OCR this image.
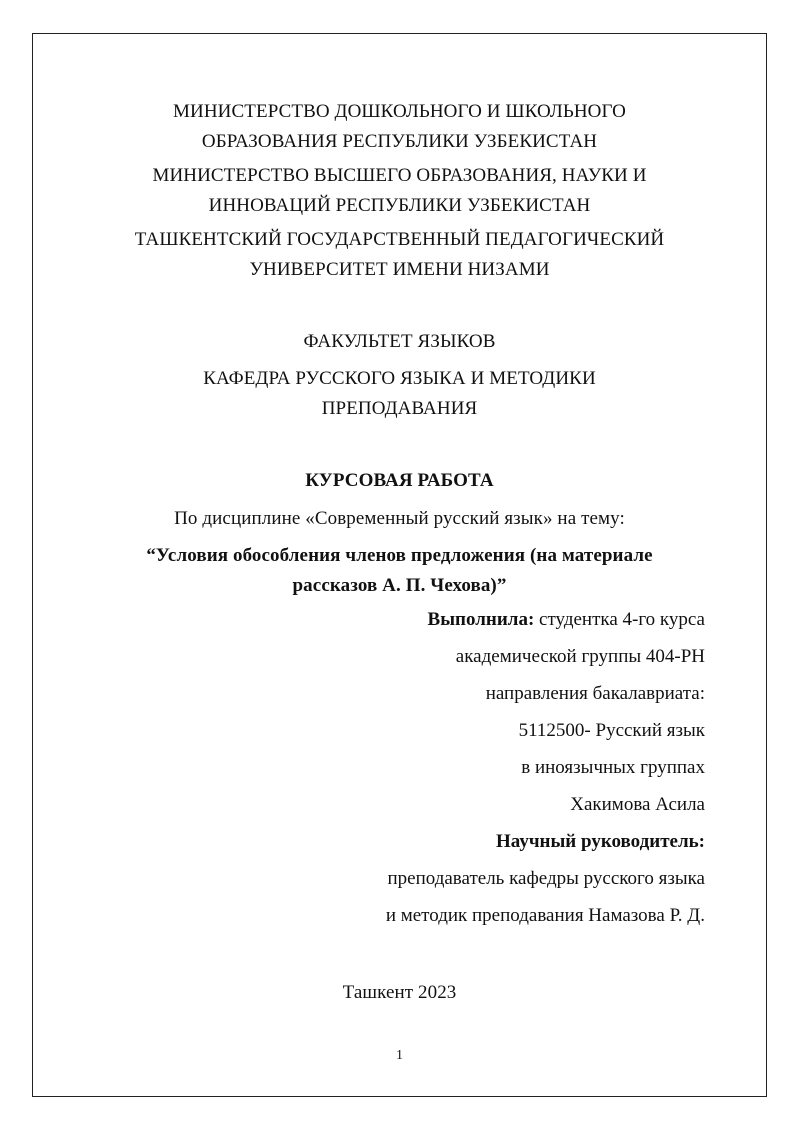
МИНИСТЕРСТВО ДОШКОЛЬНОГО И ШКОЛЬНОГО
ОБРАЗОВАНИЯ РЕСПУБЛИКИ УЗБЕКИСТАН
МИНИСТЕРСТВО ВЫСШЕГО ОБРАЗОВАНИЯ, НАУКИ И
ИННОВАЦИЙ РЕСПУБЛИКИ УЗБЕКИСТАН
ТАШКЕНТСКИЙ ГОСУДАРСТВЕННЫЙ ПЕДАГОГИЧЕСКИЙ
УНИВЕРСИТЕТ ИМЕНИ НИЗАМИ
ФАКУЛЬТЕТ ЯЗЫКОВ
КАФЕДРА РУССКОГО ЯЗЫКА И МЕТОДИКИ
ПРЕПОДАВАНИЯ
КУРСОВАЯ РАБОТА
По дисциплине «Современный русский язык» на тему:
“Условия обособления членов предложения (на материале
рассказов А. П. Чехова)”
Выполнила: студентка 4-го курса
академической группы 404-РН
направления бакалавриата:
5112500- Русский язык
в иноязычных группах
Хакимова Асила
Научный руководитель:
преподаватель кафедры русского языка
и методик преподавания Намазова Р. Д.
Ташкент 2023
1
